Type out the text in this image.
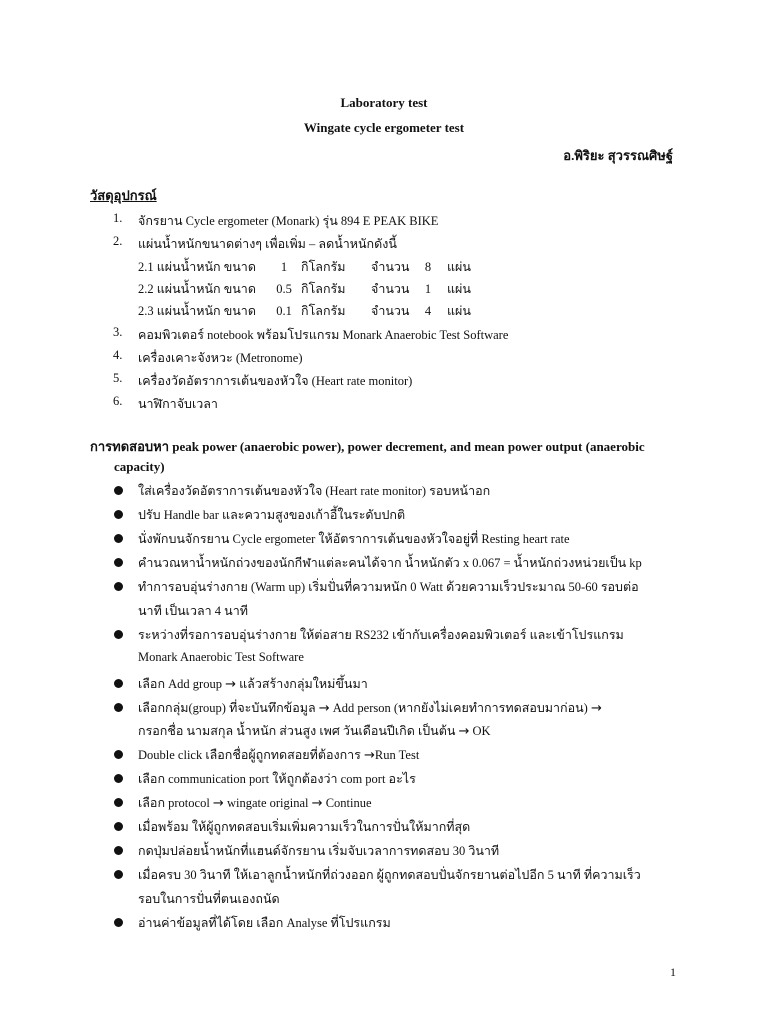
Laboratory test
Wingate cycle ergometer test
อ.พิริยะ สุวรรณศิษฐ์
วัสดุอุปกรณ์
1. จักรยาน Cycle ergometer (Monark) รุ่น 894 E PEAK BIKE
2. แผ่นน้ำหนักขนาดต่างๆ เพื่อเพิ่ม – ลดน้ำหนักดังนี้
2.1 แผ่นน้ำหนัก ขนาด 1 กิโลกรัม จำนวน 8 แผ่น
2.2 แผ่นน้ำหนัก ขนาด 0.5 กิโลกรัม จำนวน 1 แผ่น
2.3 แผ่นน้ำหนัก ขนาด 0.1 กิโลกรัม จำนวน 4 แผ่น
3. คอมพิวเตอร์ notebook พร้อมโปรแกรม Monark Anaerobic Test Software
4. เครื่องเคาะจังหวะ (Metronome)
5. เครื่องวัดอัตราการเต้นของหัวใจ (Heart rate monitor)
6. นาฬิกาจับเวลา
การทดสอบหา peak power (anaerobic power), power decrement, and mean power output (anaerobic
capacity)
ใส่เครื่องวัดอัตราการเต้นของหัวใจ (Heart rate monitor) รอบหน้าอก
ปรับ Handle bar และความสูงของเก้าอี้ในระดับปกติ
นั่งพักบนจักรยาน Cycle ergometer ให้อัตราการเต้นของหัวใจอยู่ที่ Resting heart rate
คำนวณหาน้ำหนักถ่วงของนักกีฬาแต่ละคนได้จาก น้ำหนักตัว x 0.067 = น้ำหนักถ่วงหน่วยเป็น kp
ทำการอบอุ่นร่างกาย (Warm up) เริ่มปั่นที่ความหนัก 0 Watt ด้วยความเร็วประมาณ 50-60 รอบต่อ
นาที เป็นเวลา 4 นาที
ระหว่างที่รอการอบอุ่นร่างกาย ให้ต่อสาย RS232 เข้ากับเครื่องคอมพิวเตอร์ และเข้าโปรแกรม
Monark Anaerobic Test Software
เลือก Add group → แล้วสร้างกลุ่มใหม่ขึ้นมา
เลือกกลุ่ม(group) ที่จะบันทึกข้อมูล → Add person (หากยังไม่เคยทำการทดสอบมาก่อน) →
กรอกชื่อ นามสกุล น้ำหนัก ส่วนสูง เพศ วันเดือนปีเกิด เป็นต้น → OK
Double click เลือกชื่อผู้ถูกทดสอยที่ต้องการ →Run Test
เลือก communication port ให้ถูกต้องว่า com port อะไร
เลือก protocol → wingate original → Continue
เมื่อพร้อม ให้ผู้ถูกทดสอบเริ่มเพิ่มความเร็วในการปั่นให้มากที่สุด
กดปุ่มปล่อยน้ำหนักที่แฮนด์จักรยาน เริ่มจับเวลาการทดสอบ 30 วินาที
เมื่อครบ 30 วินาที ให้เอาลูกน้ำหนักที่ถ่วงออก ผู้ถูกทดสอบปั่นจักรยานต่อไปอีก 5 นาที ที่ความเร็ว
รอบในการปั่นที่ตนเองถนัด
อ่านค่าข้อมูลที่ได้โดย เลือก Analyse ที่โปรแกรม
1
